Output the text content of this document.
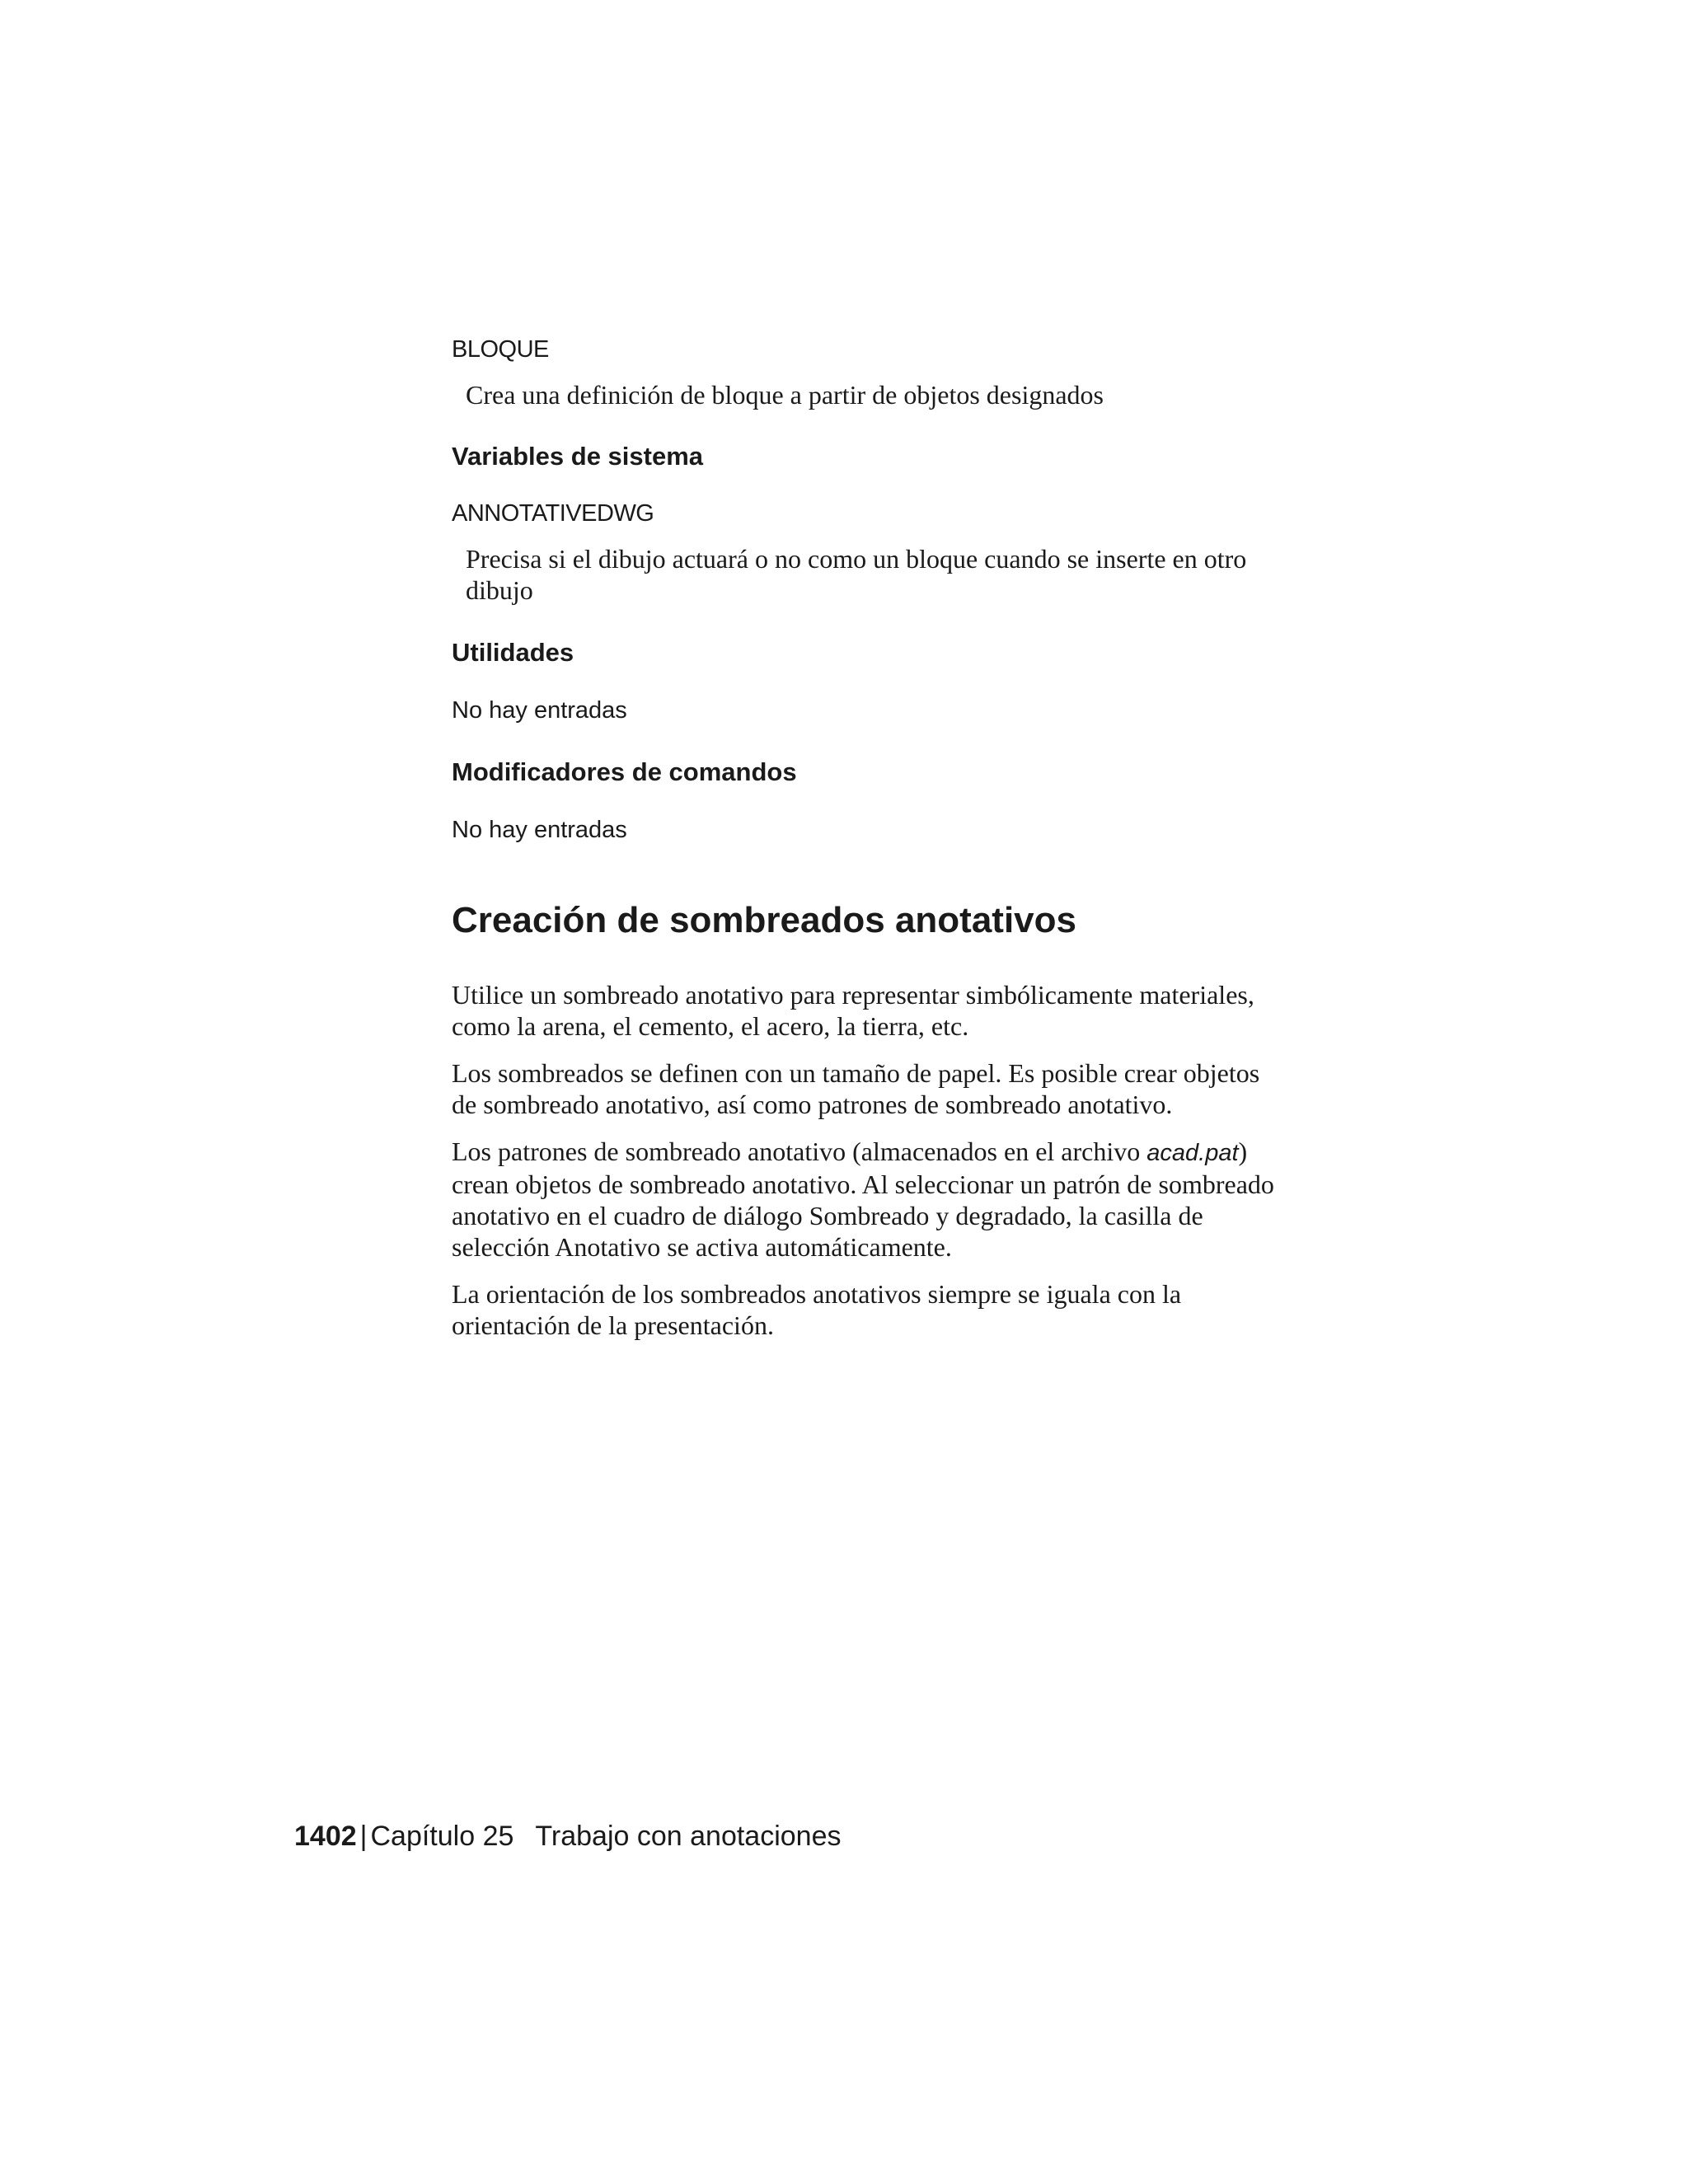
BLOQUE

Crea una definición de bloque a partir de objetos designados

Variables de sistema

ANNOTATIVEDWG

Precisa si el dibujo actuará o no como un bloque cuando se inserte en otro
dibujo

Utilidades

No hay entradas

Modificadores de comandos

No hay entradas

Creación de sombreados anotativos
Utilice un sombreado anotativo para representar simbólicamente materiales,
como la arena, el cemento, el acero, la tierra, etc.
Los sombreados se definen con un tamaño de papel. Es posible crear objetos
de sombreado anotativo, así como patrones de sombreado anotativo.
Los patrones de sombreado anotativo (almacenados en el archivo acad.pat)
crean objetos de sombreado anotativo. Al seleccionar un patrón de sombreado
anotativo en el cuadro de diálogo Sombreado y degradado, la casilla de
selección Anotativo se activa automáticamente.
La orientación de los sombreados anotativos siempre se iguala con la
orientación de la presentación.
1402 | Capítulo 25 Trabajo con anotaciones
